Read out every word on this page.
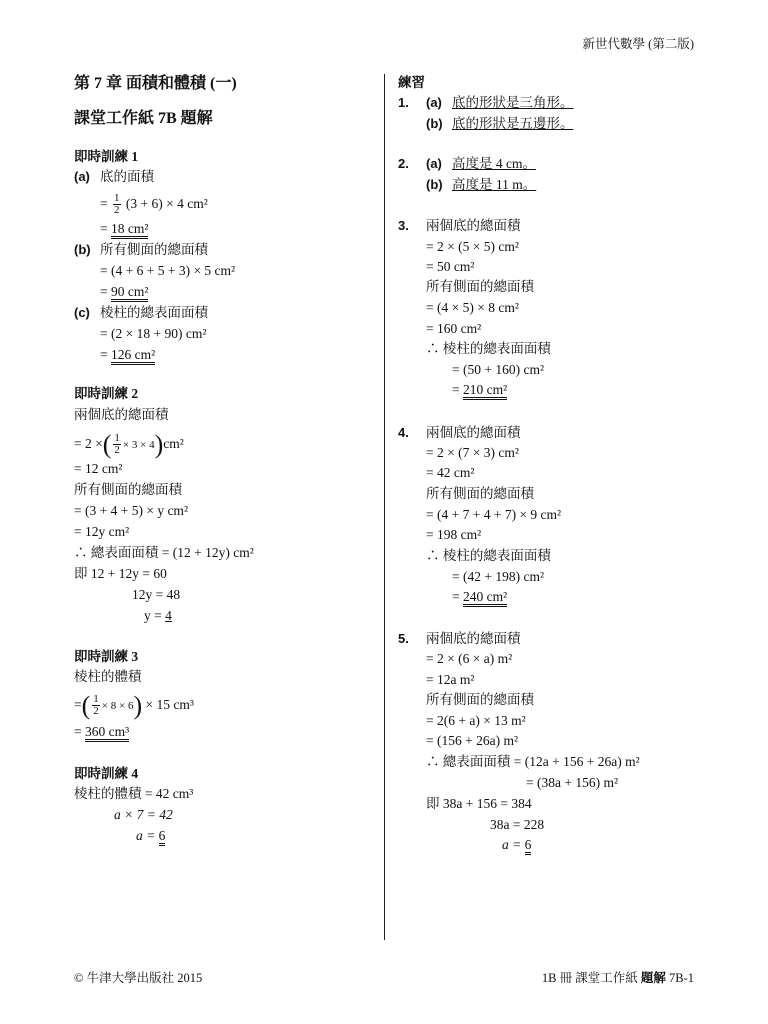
新世代數學 (第二版)
第 7 章 面積和體積 (一)
課堂工作紙 7B 題解
即時訓練 1
(a) 底的面積
= $\frac{1}{2} (3 + 6) \times 4$ cm²
= 18 cm²
(b) 所有側面的總面積
= (4 + 6 + 5 + 3) × 5 cm²
= 90 cm²
(c) 棱柱的總表面面積
= (2 × 18 + 90) cm²
= 126 cm²
即時訓練 2
兩個底的總面積
= 2 ×( $\frac{1}{2} \times 3 \times 4)cm^2$
= 12 cm²
所有側面的總面積
= (3 + 4 + 5) × y cm²
= 12y cm²
∴ 總表面面積 = (12 + 12y) cm²
即 12 + 12y = 60
12y = 48
y = 4
即時訓練 3
棱柱的體積
=( $\frac{1}{2} \times 8 \times 6) \times 15$ cm³
= 360 cm³
即時訓練 4
棱柱的體積 = 42 cm³
a × 7 = 42
a = 6
練習
1. (a) 底的形狀是三角形。
(b) 底的形狀是五邊形。
2. (a) 高度是 4 cm。
(b) 高度是 11 m。
3. 兩個底的總面積
= 2 × (5 × 5) cm²
= 50 cm²
所有側面的總面積
= (4 × 5) × 8 cm²
= 160 cm²
∴ 棱柱的總表面面積
= (50 + 160) cm²
= 210 cm²
4. 兩個底的總面積
= 2 × (7 × 3) cm²
= 42 cm²
所有側面的總面積
= (4 + 7 + 4 + 7) × 9 cm²
= 198 cm²
∴ 棱柱的總表面面積
= (42 + 198) cm²
= 240 cm²
5. 兩個底的總面積
= 2 × (6 × a) m²
= 12a m²
所有側面的總面積
= 2(6 + a) × 13 m²
= (156 + 26a) m²
∴ 總表面面積 = (12a + 156 + 26a) m²
= (38a + 156) m²
即 38a + 156 = 384
38a = 228
a = 6
© 牛津大學出版社 2015	1B 冊 課堂工作紙 題解 7B-1
